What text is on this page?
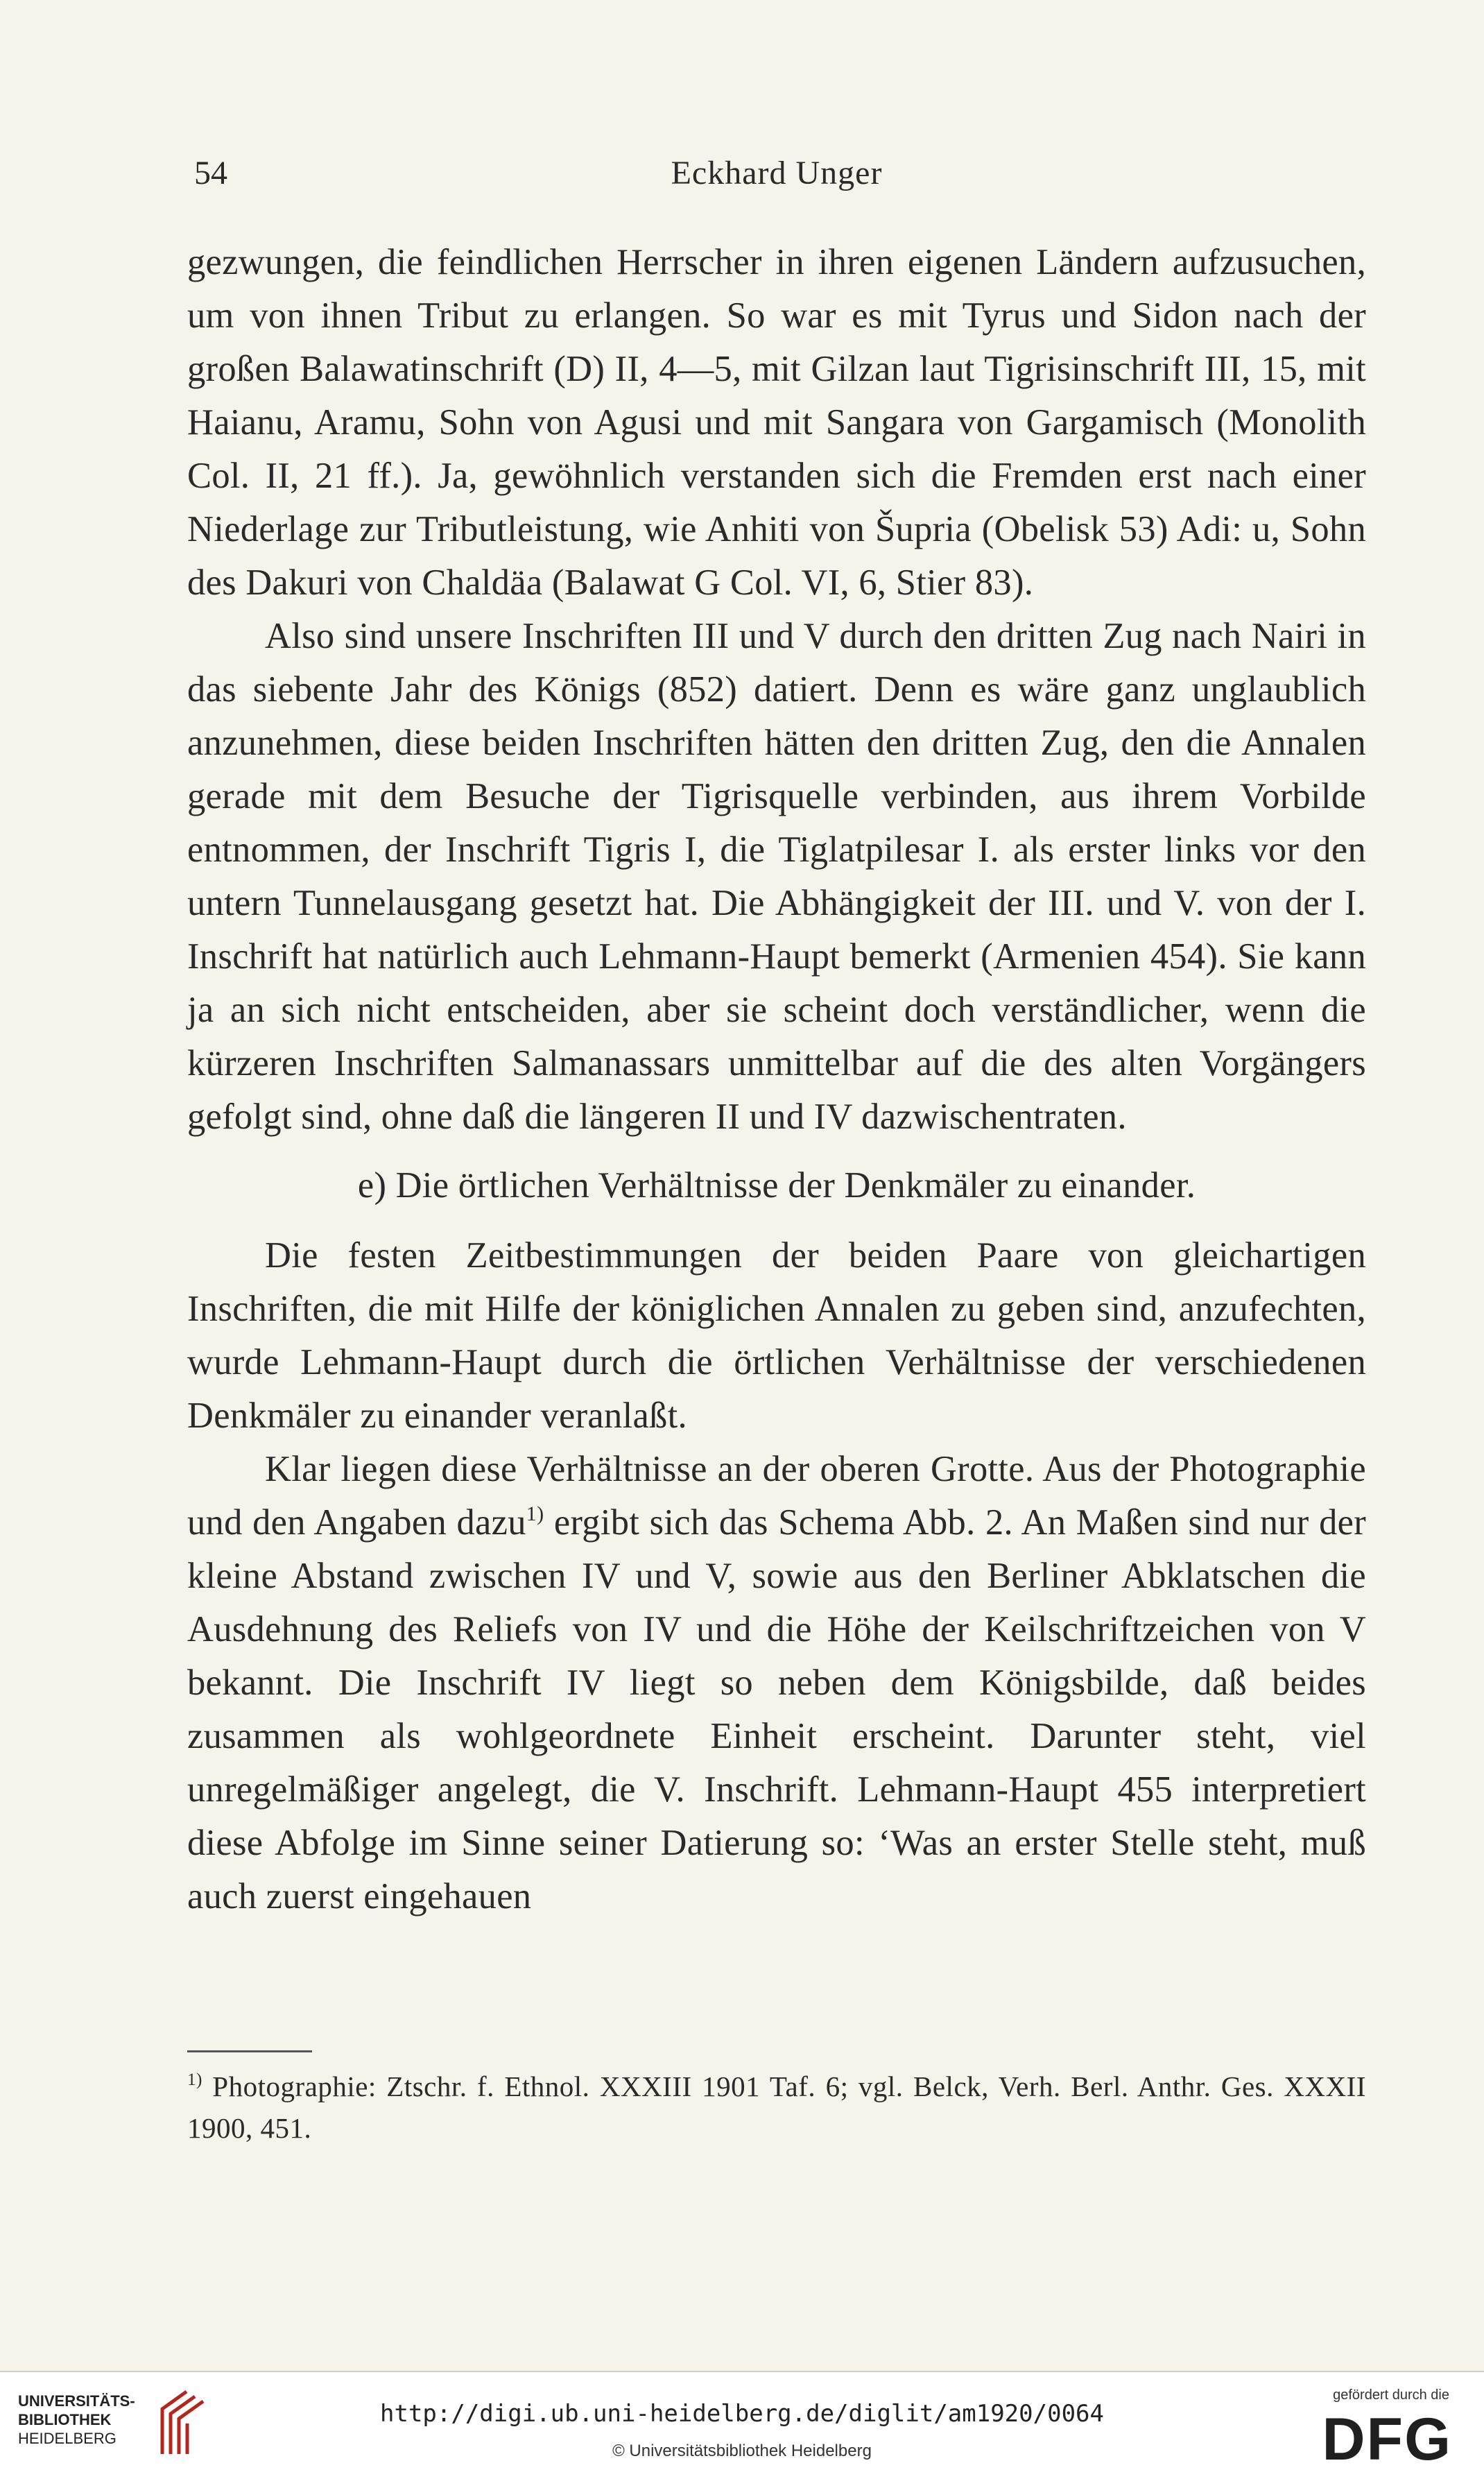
54	Eckhard Unger

gezwungen, die feindlichen Herrscher in ihren eigenen Ländern aufzusuchen, um von ihnen Tribut zu erlangen. So war es mit Tyrus und Sidon nach der großen Balawatinschrift (D) II, 4—5, mit Gilzan laut Tigrisinschrift III, 15, mit Haianu, Aramu, Sohn von Agusi und mit Sangara von Gargamisch (Monolith Col. II, 21 ff.). Ja, gewöhnlich verstanden sich die Fremden erst nach einer Niederlage zur Tributleistung, wie Anhiti von Šupria (Obelisk 53) Adi: u, Sohn des Dakuri von Chaldäa (Balawat G Col. VI, 6, Stier 83).

Also sind unsere Inschriften III und V durch den dritten Zug nach Nairi in das siebente Jahr des Königs (852) datiert. Denn es wäre ganz unglaublich anzunehmen, diese beiden Inschriften hätten den dritten Zug, den die Annalen gerade mit dem Besuche der Tigrisquelle verbinden, aus ihrem Vorbilde entnommen, der Inschrift Tigris I, die Tiglatpilesar I. als erster links vor den untern Tunnelausgang gesetzt hat. Die Abhängigkeit der III. und V. von der I. Inschrift hat natürlich auch Lehmann-Haupt bemerkt (Armenien 454). Sie kann ja an sich nicht entscheiden, aber sie scheint doch verständlicher, wenn die kürzeren Inschriften Salmanassars unmittelbar auf die des alten Vorgängers gefolgt sind, ohne daß die längeren II und IV dazwischentraten.

e) Die örtlichen Verhältnisse der Denkmäler zu einander.

Die festen Zeitbestimmungen der beiden Paare von gleichartigen Inschriften, die mit Hilfe der königlichen Annalen zu geben sind, anzufechten, wurde Lehmann-Haupt durch die örtlichen Verhältnisse der verschiedenen Denkmäler zu einander veranlaßt.

Klar liegen diese Verhältnisse an der oberen Grotte. Aus der Photographie und den Angaben dazu$^{1)}$ ergibt sich das Schema Abb. 2. An Maßen sind nur der kleine Abstand zwischen IV und V, sowie aus den Berliner Abklatschen die Ausdehnung des Reliefs von IV und die Höhe der Keilschriftzeichen von V bekannt. Die Inschrift IV liegt so neben dem Königsbilde, daß beides zusammen als wohlgeordnete Einheit erscheint. Darunter steht, viel unregelmäßiger angelegt, die V. Inschrift. Lehmann-Haupt 455 interpretiert diese Abfolge im Sinne seiner Datierung so: ‘Was an erster Stelle steht, muß auch zuerst eingehauen

$^{1)}$ Photographie: Ztschr. f. Ethnol. XXXIII 1901 Taf. 6; vgl. Belck, Verh. Berl. Anthr. Ges. XXXII 1900, 451.
UNIVERSITÄTS-
BIBLIOTHEK
HEIDELBERG
http://digi.ub.uni-heidelberg.de/diglit/am1920/0064
© Universitätsbibliothek Heidelberg
gefördert durch die
DFG
